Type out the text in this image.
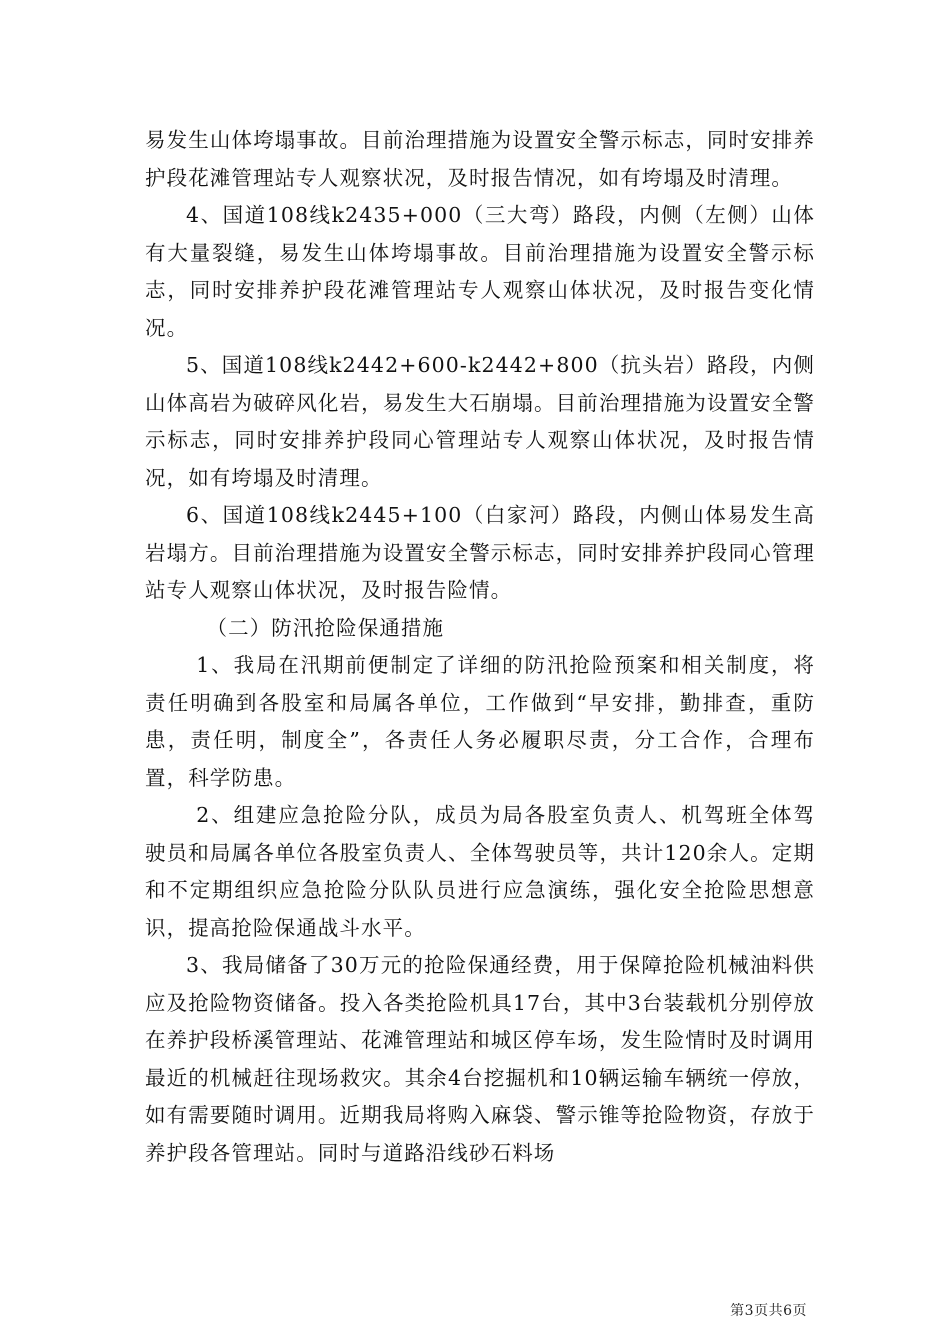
易发生山体垮塌事故。目前治理措施为设置安全警示标志，同时安排养护段花滩管理站专人观察状况，及时报告情况，如有垮塌及时清理。

4、国道108线k2435+000（三大弯）路段，内侧（左侧）山体有大量裂缝，易发生山体垮塌事故。目前治理措施为设置安全警示标志，同时安排养护段花滩管理站专人观察山体状况，及时报告变化情况。

5、国道108线k2442+600-k2442+800（抗头岩）路段，内侧山体高岩为破碎风化岩，易发生大石崩塌。目前治理措施为设置安全警示标志，同时安排养护段同心管理站专人观察山体状况，及时报告情况，如有垮塌及时清理。

6、国道108线k2445+100（白家河）路段，内侧山体易发生高岩塌方。目前治理措施为设置安全警示标志，同时安排养护段同心管理站专人观察山体状况，及时报告险情。

（二）防汛抢险保通措施

1、我局在汛期前便制定了详细的防汛抢险预案和相关制度，将责任明确到各股室和局属各单位，工作做到“早安排，勤排查，重防患，责任明，制度全”，各责任人务必履职尽责，分工合作，合理布置，科学防患。

2、组建应急抢险分队，成员为局各股室负责人、机驾班全体驾驶员和局属各单位各股室负责人、全体驾驶员等，共计120余人。定期和不定期组织应急抢险分队队员进行应急演练，强化安全抢险思想意识，提高抢险保通战斗水平。

3、我局储备了30万元的抢险保通经费，用于保障抢险机械油料供应及抢险物资储备。投入各类抢险机具17台，其中3台装载机分别停放在养护段桥溪管理站、花滩管理站和城区停车场，发生险情时及时调用最近的机械赶往现场救灾。其余4台挖掘机和10辆运输车辆统一停放，如有需要随时调用。近期我局将购入麻袋、警示锥等抢险物资，存放于养护段各管理站。同时与道路沿线砂石料场

第3页共6页
